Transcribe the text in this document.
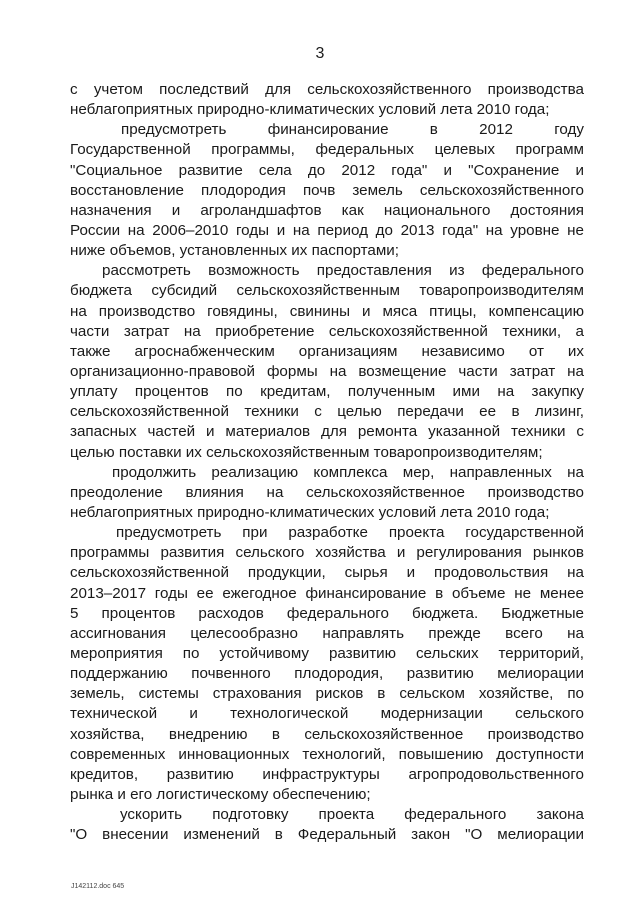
3
с учетом последствий для сельскохозяйственного производства
неблагоприятных природно-климатических условий лета 2010 года;
предусмотреть финансирование в 2012 году
Государственной программы, федеральных целевых программ
"Социальное развитие села до 2012 года" и "Сохранение и
восстановление плодородия почв земель сельскохозяйственного
назначения и агроландшафтов как национального достояния
России на 2006–2010 годы и на период до 2013 года" на уровне не
ниже объемов, установленных их паспортами;
рассмотреть возможность предоставления из федерального
бюджета субсидий сельскохозяйственным товаропроизводителям
на производство говядины, свинины и мяса птицы, компенсацию
части затрат на приобретение сельскохозяйственной техники, а
также агроснабженческим организациям независимо от их
организационно-правовой формы на возмещение части затрат на
уплату процентов по кредитам, полученным ими на закупку
сельскохозяйственной техники с целью передачи ее в лизинг,
запасных частей и материалов для ремонта указанной техники с
целью поставки их сельскохозяйственным товаропроизводителям;
продолжить реализацию комплекса мер, направленных на
преодоление влияния на сельскохозяйственное производство
неблагоприятных природно-климатических условий лета 2010 года;
предусмотреть при разработке проекта государственной
программы развития сельского хозяйства и регулирования рынков
сельскохозяйственной продукции, сырья и продовольствия на
2013–2017 годы ее ежегодное финансирование в объеме не менее
5 процентов расходов федерального бюджета. Бюджетные
ассигнования целесообразно направлять прежде всего на
мероприятия по устойчивому развитию сельских территорий,
поддержанию почвенного плодородия, развитию мелиорации
земель, системы страхования рисков в сельском хозяйстве, по
технической и технологической модернизации сельского
хозяйства, внедрению в сельскохозяйственное производство
современных инновационных технологий, повышению доступности
кредитов, развитию инфраструктуры агропродовольственного
рынка и его логистическому обеспечению;
ускорить подготовку проекта федерального закона
"О внесении изменений в Федеральный закон "О мелиорации
J142112.doc 645
